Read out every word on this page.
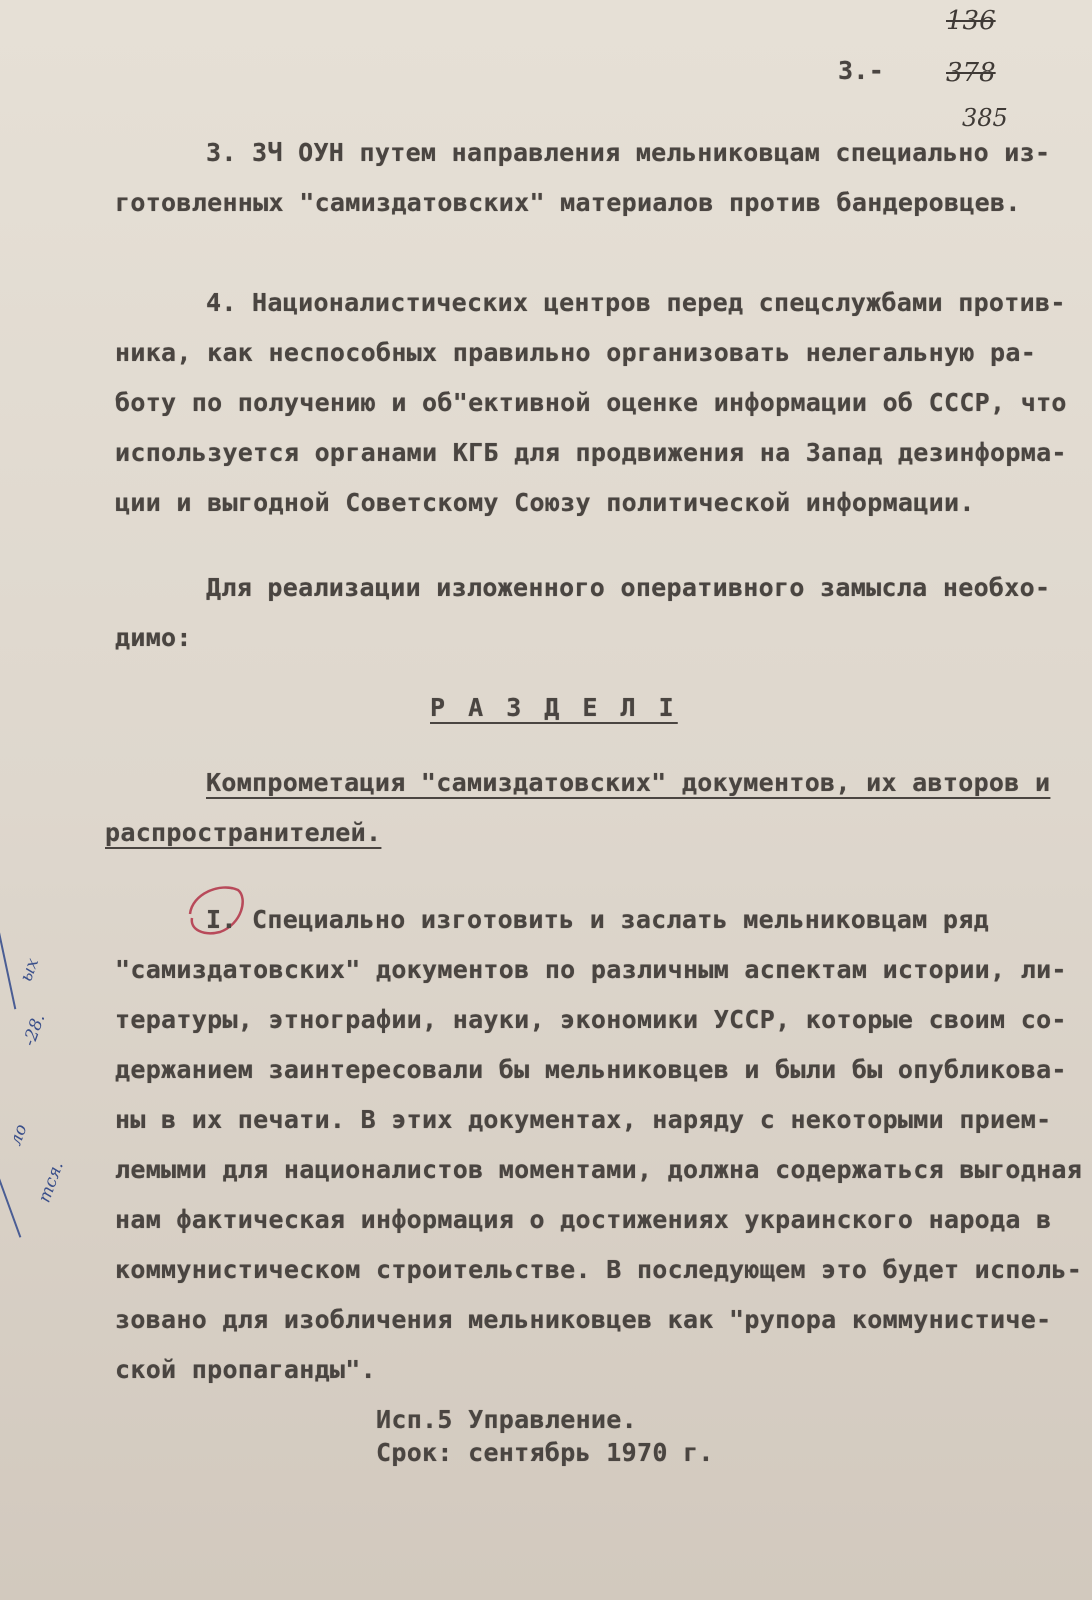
3.-
136
378
385
3. ЗЧ ОУН путем направления мельниковцам специально из-
готовленных "самиздатовских" материалов против бандеровцев.
4. Националистических центров перед спецслужбами против-
ника, как неспособных правильно организовать нелегальную ра-
боту по получению и об"ективной оценке информации об СССР, что
используется органами КГБ для продвижения на Запад дезинформа-
ции и выгодной Советскому Союзу политической информации.
Для реализации изложенного оперативного замысла необхо-
димо:
Р А З Д Е Л I
Компрометация "самиздатовских" документов, их авторов и
распространителей.
I. Специально изготовить и заслать мельниковцам ряд
"самиздатовских" документов по различным аспектам истории, ли-
тературы, этнографии, науки, экономики УССР, которые своим со-
держанием заинтересовали бы мельниковцев и были бы опубликова-
ны в их печати. В этих документах, наряду с некоторыми прием-
лемыми для националистов моментами, должна содержаться выгодная
нам фактическая информация о достижениях украинского народа в
коммунистическом строительстве. В последующем это будет исполь-
зовано для изобличения мельниковцев как "рупора коммунистиче-
ской пропаганды".
Исп.5 Управление.
Срок: сентябрь 1970 г.
ых
-28.
ло
тся.
